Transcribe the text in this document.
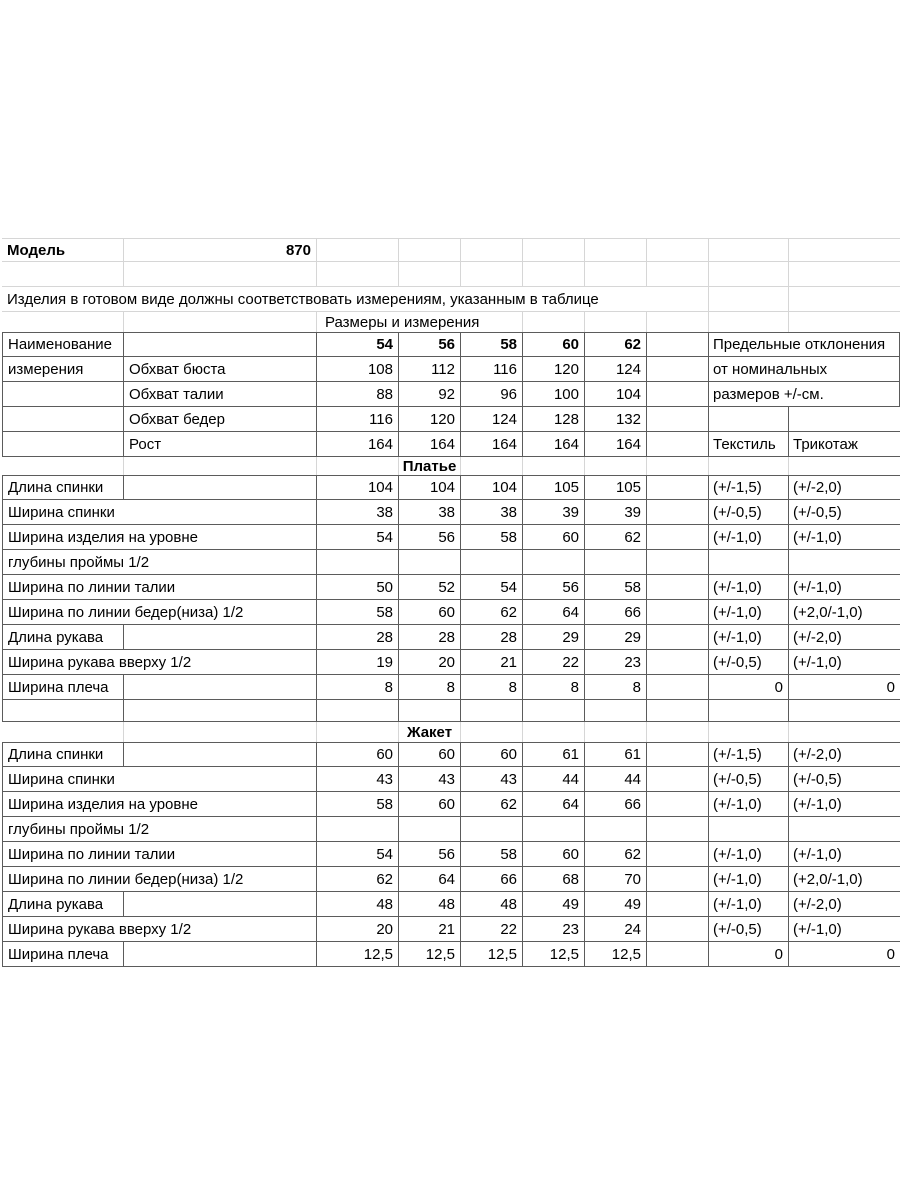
Модель	870
Изделия в готовом виде должны соответствовать измерениям, указанным в таблице
Размеры и измерения
Наименование	54	56	58	60	62	Предельные отклонения
измерения	Обхват бюста	108	112	116	120	124	от номинальных
Обхват талии	88	92	96	100	104	размеров +/-см.
Обхват бедер	116	120	124	128	132
Рост	164	164	164	164	164	Текстиль	Трикотаж
Платье
Длина спинки	104	104	104	105	105	(+/-1,5)	(+/-2,0)
Ширина спинки	38	38	38	39	39	(+/-0,5)	(+/-0,5)
Ширина изделия на уровне	54	56	58	60	62	(+/-1,0)	(+/-1,0)
глубины проймы 1/2
Ширина по линии талии	50	52	54	56	58	(+/-1,0)	(+/-1,0)
Ширина по линии бедер(низа) 1/2	58	60	62	64	66	(+/-1,0)	(+2,0/-1,0)
Длина рукава	28	28	28	29	29	(+/-1,0)	(+/-2,0)
Ширина рукава вверху 1/2	19	20	21	22	23	(+/-0,5)	(+/-1,0)
Ширина плеча	8	8	8	8	8	0	0
Жакет
Длина спинки	60	60	60	61	61	(+/-1,5)	(+/-2,0)
Ширина спинки	43	43	43	44	44	(+/-0,5)	(+/-0,5)
Ширина изделия на уровне	58	60	62	64	66	(+/-1,0)	(+/-1,0)
глубины проймы 1/2
Ширина по линии талии	54	56	58	60	62	(+/-1,0)	(+/-1,0)
Ширина по линии бедер(низа) 1/2	62	64	66	68	70	(+/-1,0)	(+2,0/-1,0)
Длина рукава	48	48	48	49	49	(+/-1,0)	(+/-2,0)
Ширина рукава вверху 1/2	20	21	22	23	24	(+/-0,5)	(+/-1,0)
Ширина плеча	12,5	12,5	12,5	12,5	12,5	0	0
